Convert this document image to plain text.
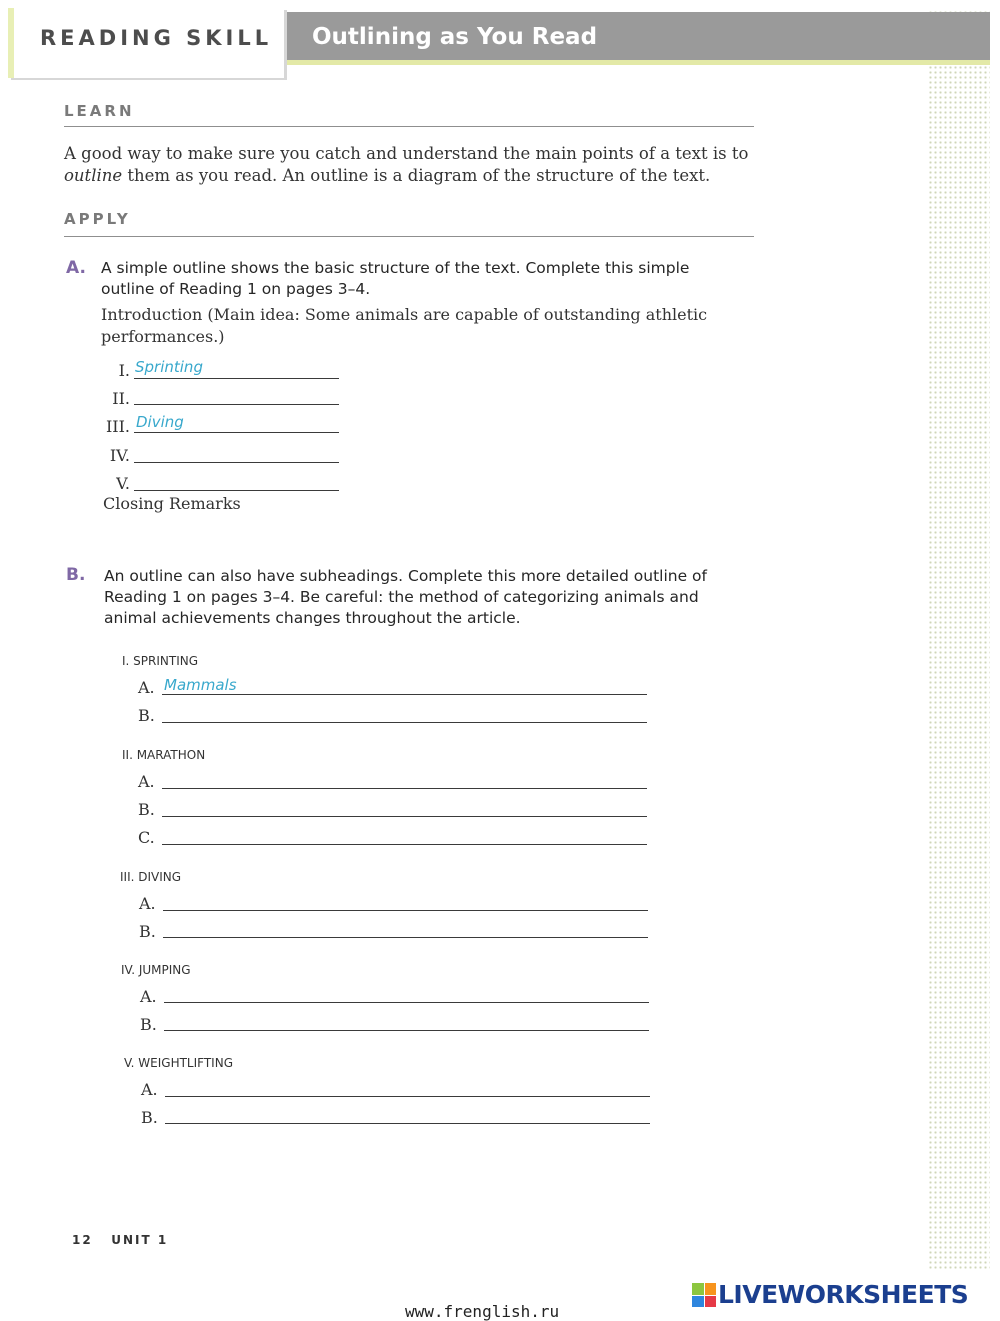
READING SKILL Outlining as You Read
LEARN
A good way to make sure you catch and understand the main points of a text is to outline them as you read. An outline is a diagram of the structure of the text.
APPLY
A. A simple outline shows the basic structure of the text. Complete this simple outline of Reading 1 on pages 3–4.
Introduction (Main idea: Some animals are capable of outstanding athletic performances.)
I. Sprinting
II.
III. Diving
IV.
V.
Closing Remarks
B. An outline can also have subheadings. Complete this more detailed outline of Reading 1 on pages 3–4. Be careful: the method of categorizing animals and animal achievements changes throughout the article.
I. SPRINTING
A. Mammals
B.
II. MARATHON
A.
B.
C.
III. DIVING
A.
B.
IV. JUMPING
A.
B.
V. WEIGHTLIFTING
A.
B.
12 UNIT 1
www.frenglish.ru
LIVEWORKSHEETS
